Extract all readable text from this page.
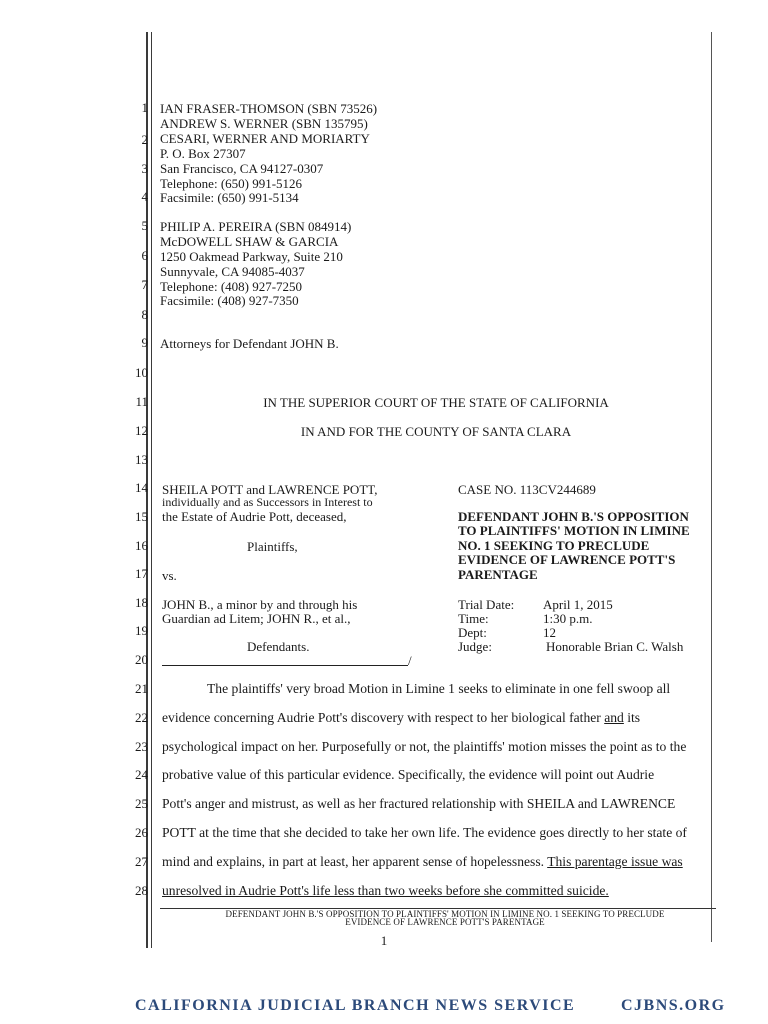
1
2
3
4
5
6
7
8
9
10
11
12
13
14
15
16
17
18
19
20
21
22
23
24
25
26
27
28
IAN FRASER-THOMSON (SBN 73526)
ANDREW S. WERNER (SBN 135795)
CESARI, WERNER AND MORIARTY
P. O. Box 27307
San Francisco, CA 94127-0307
Telephone: (650) 991-5126
Facsimile: (650) 991-5134
PHILIP A. PEREIRA (SBN 084914)
McDOWELL SHAW & GARCIA
1250 Oakmead Parkway, Suite 210
Sunnyvale, CA 94085-4037
Telephone: (408) 927-7250
Facsimile: (408) 927-7350
Attorneys for Defendant JOHN B.
IN THE SUPERIOR COURT OF THE STATE OF CALIFORNIA
IN AND FOR THE COUNTY OF SANTA CLARA
SHEILA POTT and LAWRENCE POTT,
individually and as Successors in Interest to
the Estate of Audrie Pott, deceased,
Plaintiffs,
vs.
JOHN B., a minor by and through his
Guardian ad Litem; JOHN R., et al.,
Defendants.
/
CASE NO. 113CV244689
DEFENDANT JOHN B.'S OPPOSITION
TO PLAINTIFFS' MOTION IN LIMINE
NO. 1 SEEKING TO PRECLUDE
EVIDENCE OF LAWRENCE POTT'S
PARENTAGE
Trial Date: April 1, 2015
Time:	1:30 p.m.
Dept:	12
Judge:	Honorable Brian C. Walsh
The plaintiffs' very broad Motion in Limine 1 seeks to eliminate in one fell swoop all
evidence concerning Audrie Pott's discovery with respect to her biological father and its
psychological impact on her. Purposefully or not, the plaintiffs' motion misses the point as to the
probative value of this particular evidence. Specifically, the evidence will point out Audrie
Pott's anger and mistrust, as well as her fractured relationship with SHEILA and LAWRENCE
POTT at the time that she decided to take her own life. The evidence goes directly to her state of
mind and explains, in part at least, her apparent sense of hopelessness. This parentage issue was
unresolved in Audrie Pott's life less than two weeks before she committed suicide.
DEFENDANT JOHN B.'S OPPOSITION TO PLAINTIFFS' MOTION IN LIMINE NO. 1 SEEKING TO PRECLUDE
EVIDENCE OF LAWRENCE POTT'S PARENTAGE
1
CALIFORNIA JUDICIAL BRANCH NEWS SERVICE	CJBNS.ORG
